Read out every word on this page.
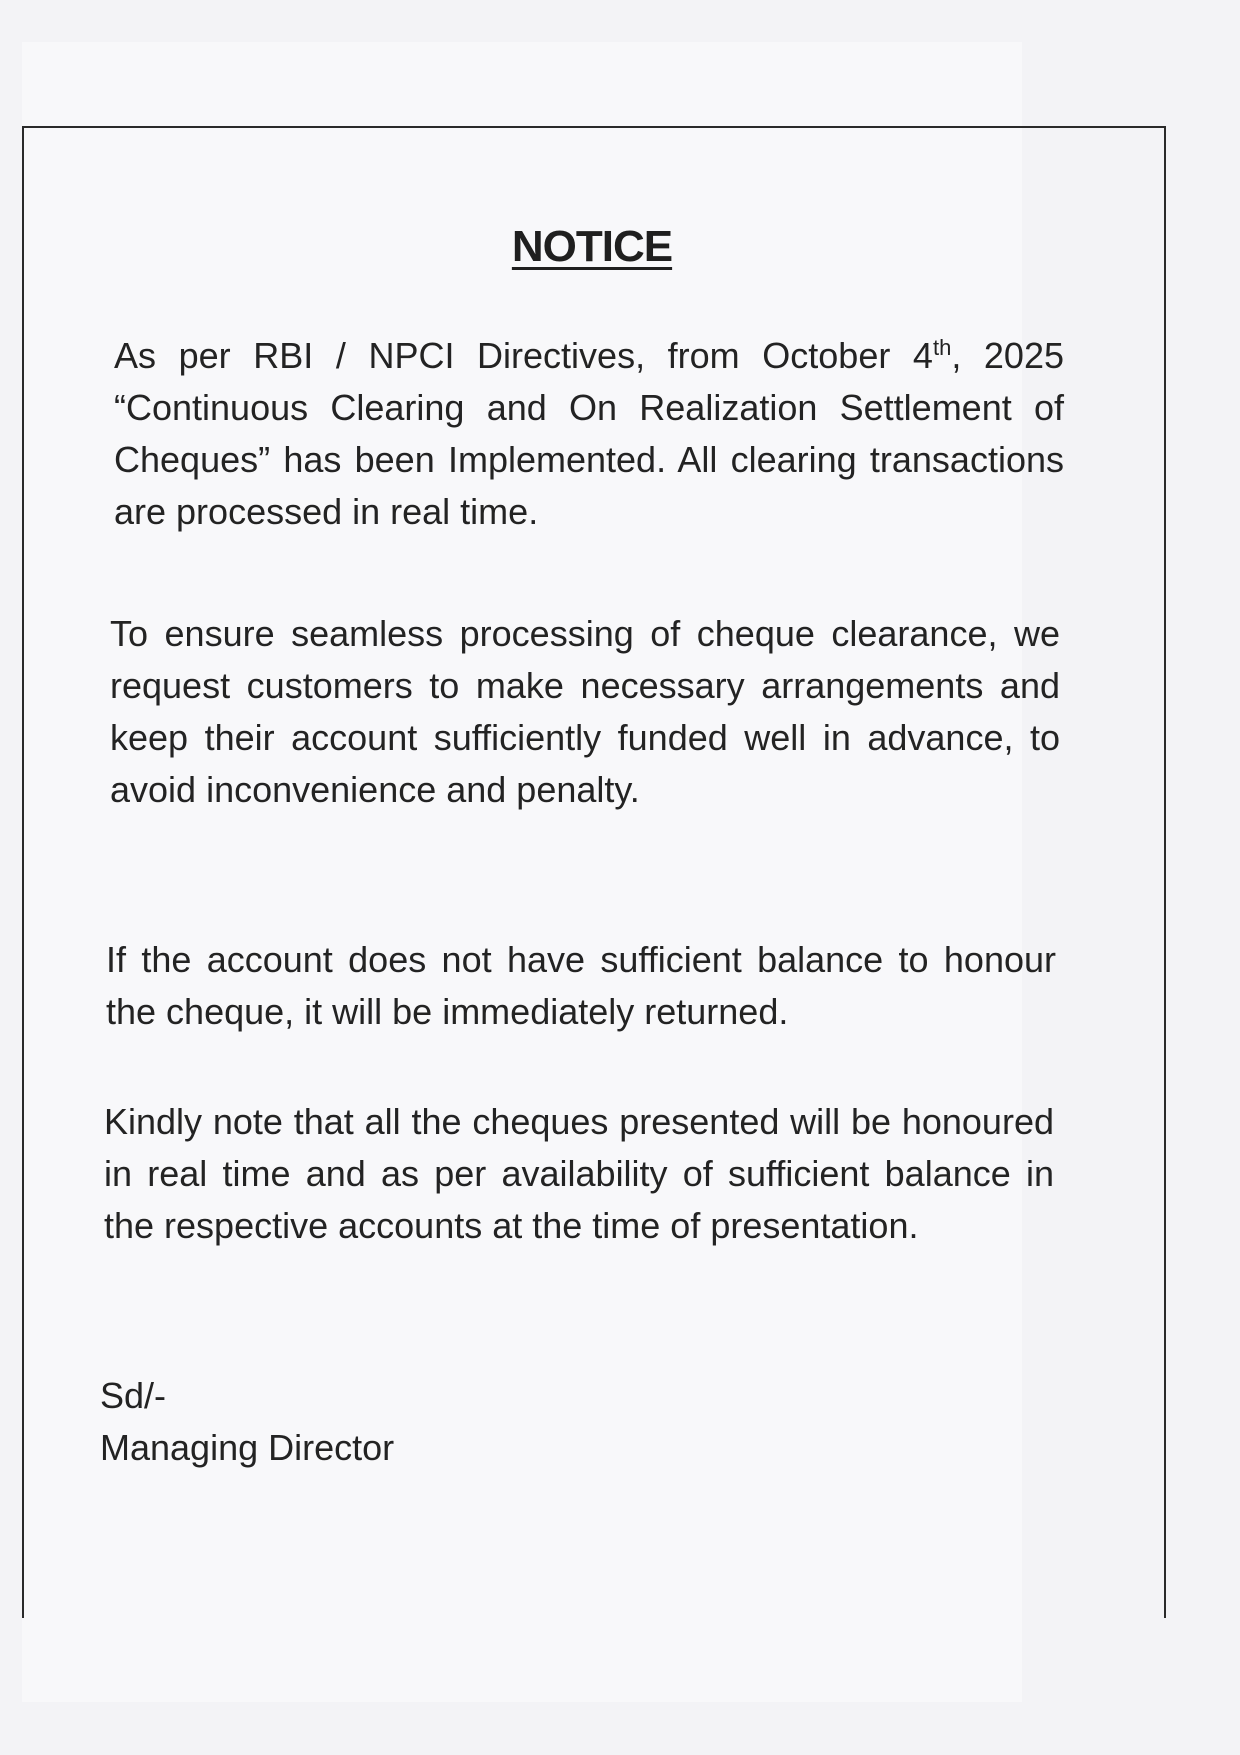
NOTICE
As per RBI / NPCI Directives, from October 4th, 2025 “Continuous Clearing and On Realization Settlement of Cheques” has been Implemented. All clearing transactions are processed in real time.
To ensure seamless processing of cheque clearance, we request customers to make necessary arrangements and keep their account sufficiently funded well in advance, to avoid inconvenience and penalty.
If the account does not have sufficient balance to honour the cheque, it will be immediately returned.
Kindly note that all the cheques presented will be honoured in real time and as per availability of sufficient balance in the respective accounts at the time of presentation.
Sd/-
Managing Director
